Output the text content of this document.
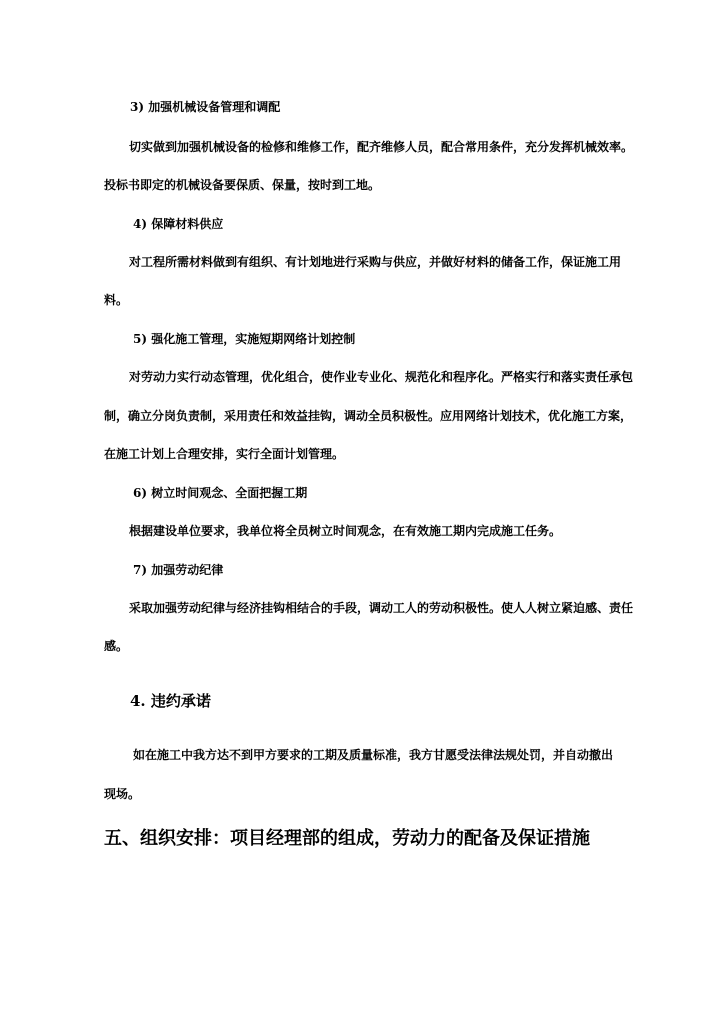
3) 加强机械设备管理和调配
切实做到加强机械设备的检修和维修工作，配齐维修人员，配合常用条件，充分发挥机械效率。
投标书即定的机械设备要保质、保量，按时到工地。
4) 保障材料供应
对工程所需材料做到有组织、有计划地进行采购与供应，并做好材料的储备工作，保证施工用
料。
5) 强化施工管理，实施短期网络计划控制
对劳动力实行动态管理，优化组合，使作业专业化、规范化和程序化。严格实行和落实责任承包
制，确立分岗负责制，采用责任和效益挂钩，调动全员积极性。应用网络计划技术，优化施工方案，
在施工计划上合理安排，实行全面计划管理。
6) 树立时间观念、全面把握工期
根据建设单位要求，我单位将全员树立时间观念，在有效施工期内完成施工任务。
7) 加强劳动纪律
采取加强劳动纪律与经济挂钩相结合的手段，调动工人的劳动积极性。使人人树立紧迫感、责任
感。
4. 违约承诺
如在施工中我方达不到甲方要求的工期及质量标准，我方甘愿受法律法规处罚，并自动撤出
现场。
五、组织安排：项目经理部的组成，劳动力的配备及保证措施
